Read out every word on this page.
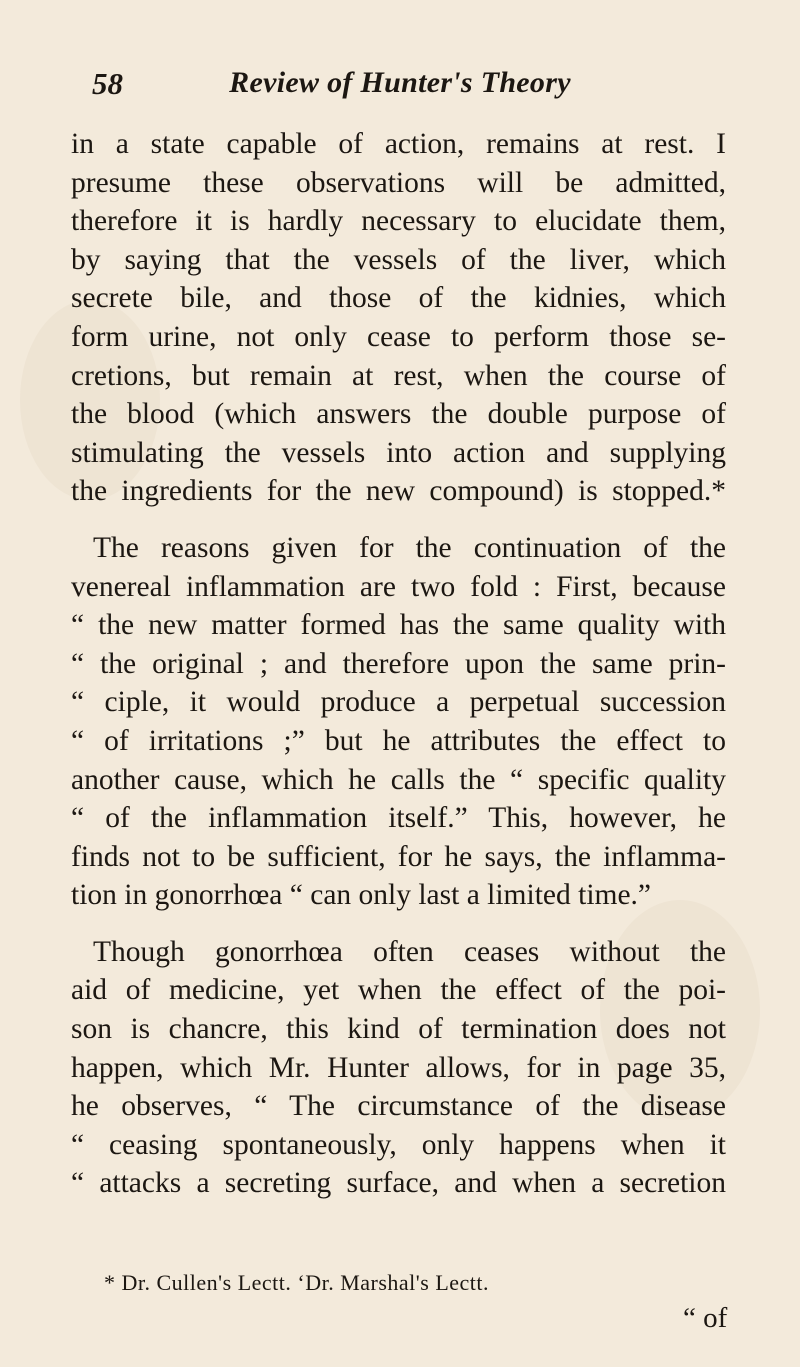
58	Review of Hunter's Theory
in a state capable of action, remains at rest. I
presume these observations will be admitted,
therefore it is hardly necessary to elucidate them,
by saying that the vessels of the liver, which
secrete bile, and those of the kidnies, which
form urine, not only cease to perform those se-
cretions, but remain at rest, when the course of
the blood (which answers the double purpose of
stimulating the vessels into action and supplying
the ingredients for the new compound) is stopped.*
The reasons given for the continuation of the
venereal inflammation are two fold : First, because
“ the new matter formed has the same quality with
“ the original ; and therefore upon the same prin-
“ ciple, it would produce a perpetual succession
“ of irritations ;” but he attributes the effect to
another cause, which he calls the “ specific quality
“ of the inflammation itself.” This, however, he
finds not to be sufficient, for he says, the inflamma-
tion in gonorrhœa “ can only last a limited time.”
Though gonorrhœa often ceases without the
aid of medicine, yet when the effect of the poi-
son is chancre, this kind of termination does not
happen, which Mr. Hunter allows, for in page 35,
he observes, “ The circumstance of the disease
“ ceasing spontaneously, only happens when it
“ attacks a secreting surface, and when a secretion
* Dr. Cullen's Lectt. ‘Dr. Marshal's Lectt.
“ of
